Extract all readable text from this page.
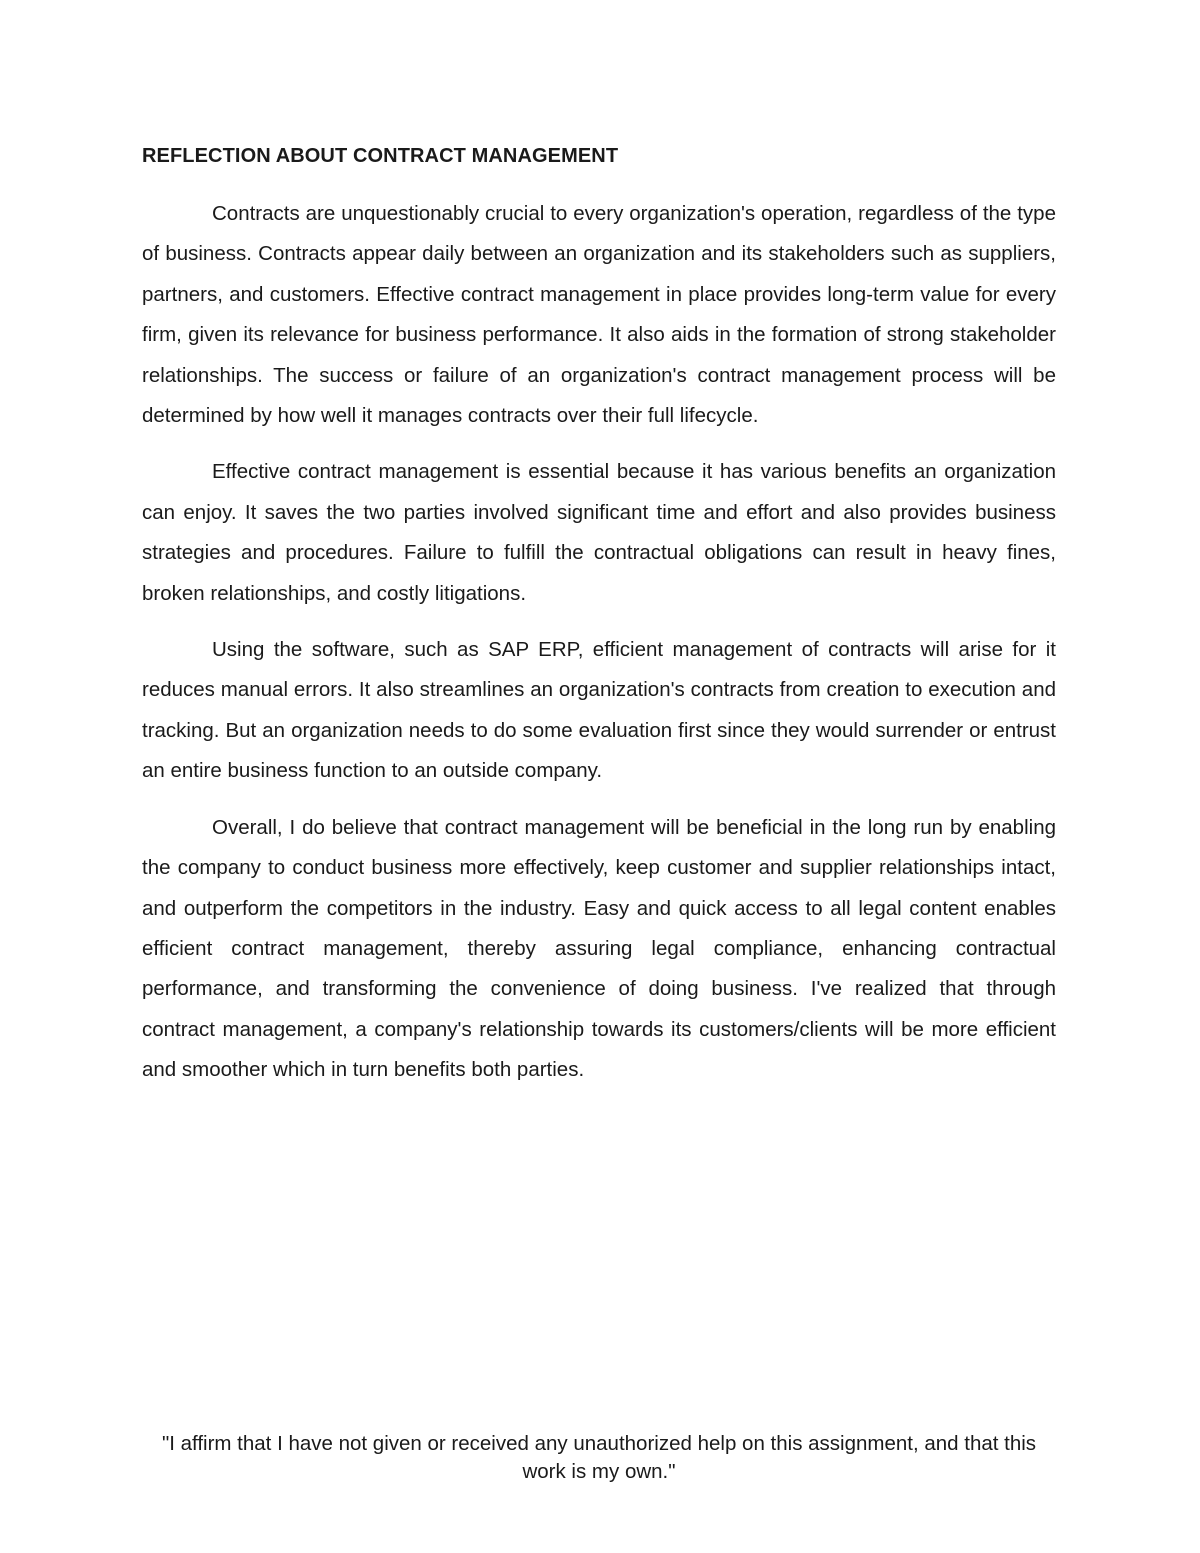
REFLECTION ABOUT CONTRACT MANAGEMENT

Contracts are unquestionably crucial to every organization's operation, regardless of the type of business. Contracts appear daily between an organization and its stakeholders such as suppliers, partners, and customers. Effective contract management in place provides long-term value for every firm, given its relevance for business performance. It also aids in the formation of strong stakeholder relationships. The success or failure of an organization's contract management process will be determined by how well it manages contracts over their full lifecycle.

Effective contract management is essential because it has various benefits an organization can enjoy. It saves the two parties involved significant time and effort and also provides business strategies and procedures. Failure to fulfill the contractual obligations can result in heavy fines, broken relationships, and costly litigations.

Using the software, such as SAP ERP, efficient management of contracts will arise for it reduces manual errors. It also streamlines an organization's contracts from creation to execution and tracking. But an organization needs to do some evaluation first since they would surrender or entrust an entire business function to an outside company.

Overall, I do believe that contract management will be beneficial in the long run by enabling the company to conduct business more effectively, keep customer and supplier relationships intact, and outperform the competitors in the industry. Easy and quick access to all legal content enables efficient contract management, thereby assuring legal compliance, enhancing contractual performance, and transforming the convenience of doing business. I've realized that through contract management, a company's relationship towards its customers/clients will be more efficient and smoother which in turn benefits both parties.

"I affirm that I have not given or received any unauthorized help on this assignment, and that this work is my own."
